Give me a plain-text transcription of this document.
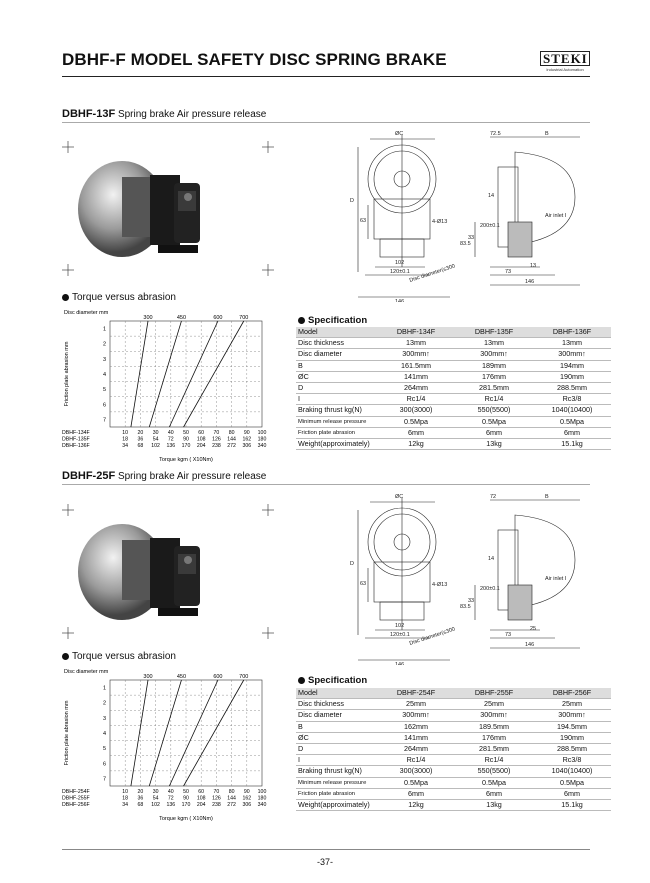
DBHF-F MODEL SAFETY DISC SPRING BRAKE	STEKI
Industrial Automation
DBHF-13F Spring brake Air pressure release
ØC	72.5	B
D
63	4-Ø13
102
120±0.1
Disc diameter(≤300
146
14
33
83.5
200±0.1
73
13
146
Air inlet I
Torque versus abrasion
Disc diameter mm
300	450	600	700
1
2
3
4
5
6
7
Friction plate abrasion mm
DBHF-134F	10 20 30 40 50 60 70 80 90 100
DBHF-135F	18 36 54 72 90 108 126 144 162 180
DBHF-136F	34 68 102 136 170 204 238 272 306 340
Torque kgm ( X10Nm)
Specification
Model	DBHF-134F	DBHF-135F	DBHF-136F
Disc thickness	13mm	13mm	13mm
Disc diameter	300mm↑	300mm↑	300mm↑
B	161.5mm	189mm	194mm
ØC	141mm	176mm	190mm
D	264mm	281.5mm	288.5mm
I	Rc1/4	Rc1/4	Rc3/8
Braking thrust kg(N)	300(3000)	550(5500)	1040(10400)
Minimum release pressure	0.5Mpa	0.5Mpa	0.5Mpa
Friction plate abrasion	6mm	6mm	6mm
Weight(approximately)	12kg	13kg	15.1kg
DBHF-25F Spring brake Air pressure release
ØC	72	B
D
63	4-Ø13
102
120±0.1
Disc diameter(≤300
146
14
33
83.5
200±0.1
73
25
146
Air inlet I
Torque versus abrasion
Disc diameter mm
300	450	600	700
1
2
3
4
5
6
7
Friction plate abrasion mm
DBHF-254F	10 20 30 40 50 60 70 80 90 100
DBHF-255F	18 36 54 72 90 108 126 144 162 180
DBHF-256F	34 68 102 136 170 204 238 272 306 340
Torque kgm ( X10Nm)
Specification
Model	DBHF-254F	DBHF-255F	DBHF-256F
Disc thickness	25mm	25mm	25mm
Disc diameter	300mm↑	300mm↑	300mm↑
B	162mm	189.5mm	194.5mm
ØC	141mm	176mm	190mm
D	264mm	281.5mm	288.5mm
I	Rc1/4	Rc1/4	Rc3/8
Braking thrust kg(N)	300(3000)	550(5500)	1040(10400)
Minimum release pressure	0.5Mpa	0.5Mpa	0.5Mpa
Friction plate abrasion	6mm	6mm	6mm
Weight(approximately)	12kg	13kg	15.1kg
-37-
